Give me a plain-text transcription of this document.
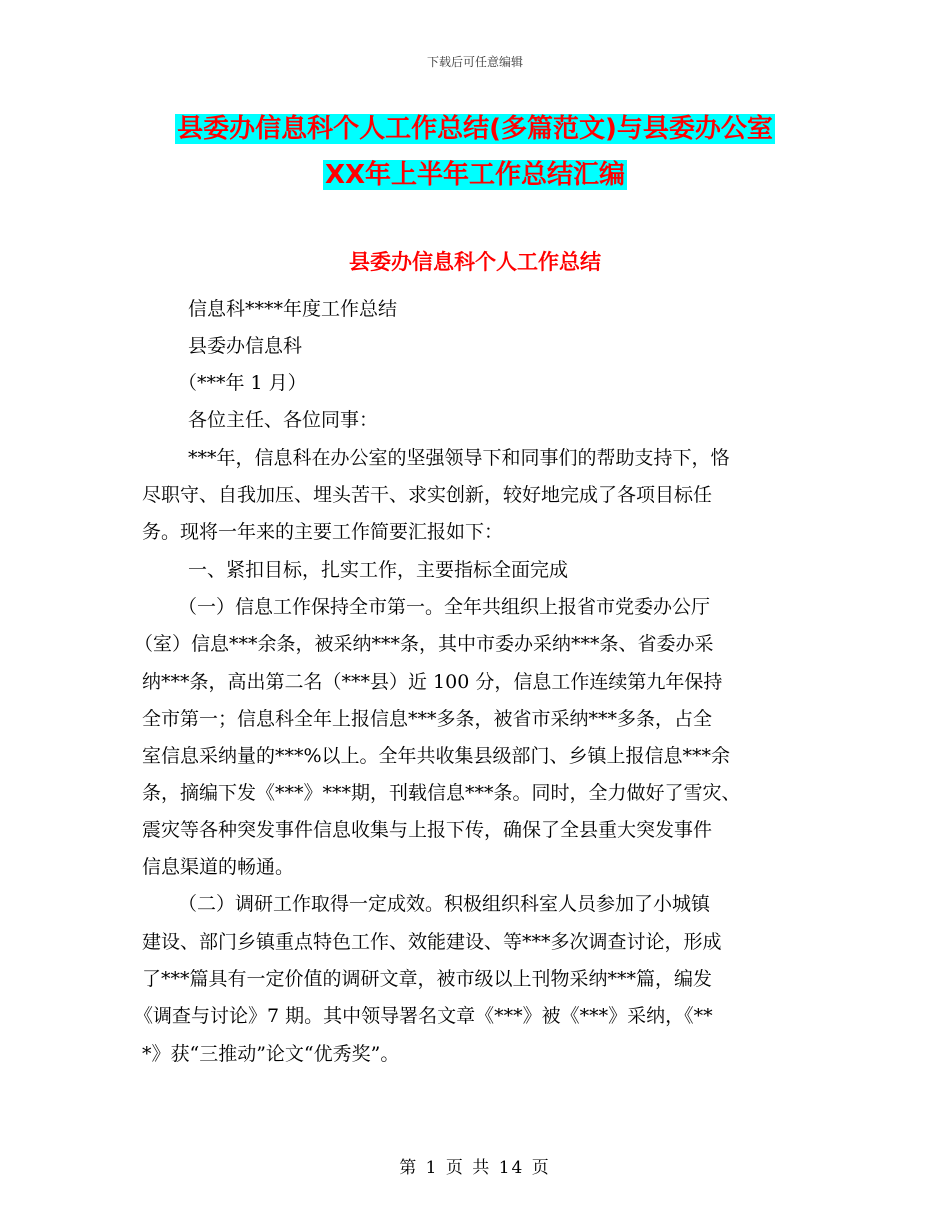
下载后可任意编辑
县委办信息科个人工作总结(多篇范文)与县委办公室
XX年上半年工作总结汇编
县委办信息科个人工作总结
信息科****年度工作总结
县委办信息科
（***年 1 月）
各位主任、各位同事：
***年，信息科在办公室的坚强领导下和同事们的帮助支持下，恪
尽职守、自我加压、埋头苦干、求实创新，较好地完成了各项目标任
务。现将一年来的主要工作简要汇报如下：
一、紧扣目标，扎实工作，主要指标全面完成
（一）信息工作保持全市第一。全年共组织上报省市党委办公厅
（室）信息***余条，被采纳***条，其中市委办采纳***条、省委办采
纳***条，高出第二名（***县）近 100 分，信息工作连续第九年保持
全市第一；信息科全年上报信息***多条，被省市采纳***多条，占全
室信息采纳量的***%以上。全年共收集县级部门、乡镇上报信息***余
条，摘编下发《***》***期，刊载信息***条。同时，全力做好了雪灾、
震灾等各种突发事件信息收集与上报下传，确保了全县重大突发事件
信息渠道的畅通。
（二）调研工作取得一定成效。积极组织科室人员参加了小城镇
建设、部门乡镇重点特色工作、效能建设、等***多次调查讨论，形成
了***篇具有一定价值的调研文章，被市级以上刊物采纳***篇，编发
《调查与讨论》7 期。其中领导署名文章《***》被《***》采纳，《**
*》获“三推动”论文“优秀奖”。
第 1 页 共 14 页
